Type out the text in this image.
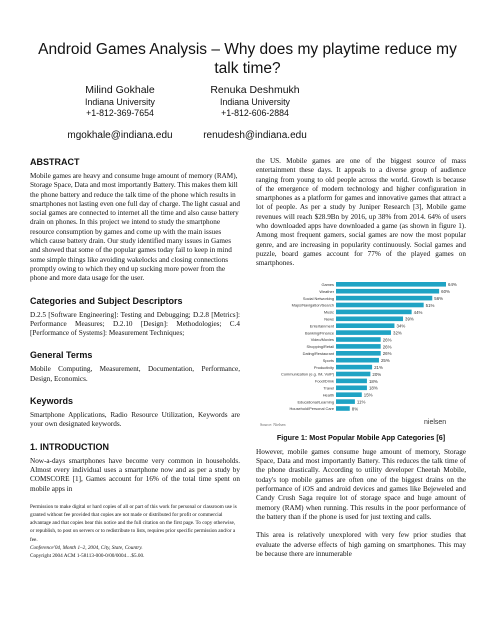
Android Games Analysis – Why does my playtime reduce my talk time?
Milind Gokhale
Indiana University
+1-812-369-7654
mgokhale@indiana.edu
Renuka Deshmukh
Indiana University
+1-812-606-2884
renudesh@indiana.edu
ABSTRACT
Mobile games are heavy and consume huge amount of memory (RAM), Storage Space, Data and most importantly Battery. This makes them kill the phone battery and reduce the talk time of the phone which results in smartphones not lasting even one full day of charge. The light casual and social games are connected to internet all the time and also cause battery drain on phones. In this project we intend to study the smartphone resource consumption by games and come up with the main issues which cause battery drain. Our study identified many issues in Games and showed that some of the popular games today fail to keep in mind some simple things like avoiding wakelocks and closing connections promptly owing to which they end up sucking more power from the phone and more data usage for the user.
Categories and Subject Descriptors
D.2.5 [Software Engineering]: Testing and Debugging; D.2.8 [Metrics]: Performance Measures; D.2.10 [Design]: Methodologies; C.4 [Performance of Systems]: Measurement Techniques;
General Terms
Mobile Computing, Measurement, Documentation, Performance, Design, Economics.
Keywords
Smartphone Applications, Radio Resource Utilization, Keywords are your own designated keywords.
1. INTRODUCTION
Now-a-days smartphones have become very common in households. Almost every individual uses a smartphone now and as per a study by COMSCORE [1], Games account for 16% of the total time spent on mobile apps in
Permission to make digital or hard copies of all or part of this work for personal or classroom use is granted without fee provided that copies are not made or distributed for profit or commercial advantage and that copies bear this notice and the full citation on the first page. To copy otherwise, or republish, to post on servers or to redistribute to lists, requires prior specific permission and/or a fee.
Conference'04, Month 1–2, 2004, City, State, Country.
Copyright 2004 ACM 1-58113-000-0/00/0004…$5.00.
the US. Mobile games are one of the biggest source of mass entertainment these days. It appeals to a diverse group of audience ranging from young to old people across the world. Growth is because of the emergence of modern technology and higher configuration in smartphones as a platform for games and innovative games that attract a lot of people. As per a study by Juniper Research [3], Mobile game revenues will reach $28.9Bn by 2016, up 38% from 2014. 64% of users who downloaded apps have downloaded a game (as shown in figure 1). Among most frequent gamers, social games are now the most popular genre, and are increasing in popularity continuously. Social games and puzzle, board games account for 77% of the played games on smartphones.
Source: Nielsen	nielsen
Games	64%
Weather	60%
Social Networking	56%
Maps/Navigation/Search	51%
Music	44%
News	39%
Entertainment	34%
Banking/Finance	32%
Video/Movies	26%
Shopping/Retail	26%
Dating/Restaurant	26%
Sports	25%
Productivity	21%
Communication (e.g. IM, VoIP)	20%
Food/Drink	18%
Travel	18%
Health	15%
Educational/Learning	11%
Household/Personal Care	8%
Figure 1: Most Popular Mobile App Categories [6]
However, mobile games consume huge amount of memory, Storage Space, Data and most importantly Battery. This reduces the talk time of the phone drastically. According to utility developer Cheetah Mobile, today's top mobile games are often one of the biggest drains on the performance of iOS and android devices and games like Bejeweled and Candy Crush Saga require lot of storage space and huge amount of memory (RAM) when running. This results in the poor performance of the battery than if the phone is used for just texting and calls.
This area is relatively unexplored with very few prior studies that evaluate the adverse effects of high gaming on smartphones. This may be because there are innumerable
